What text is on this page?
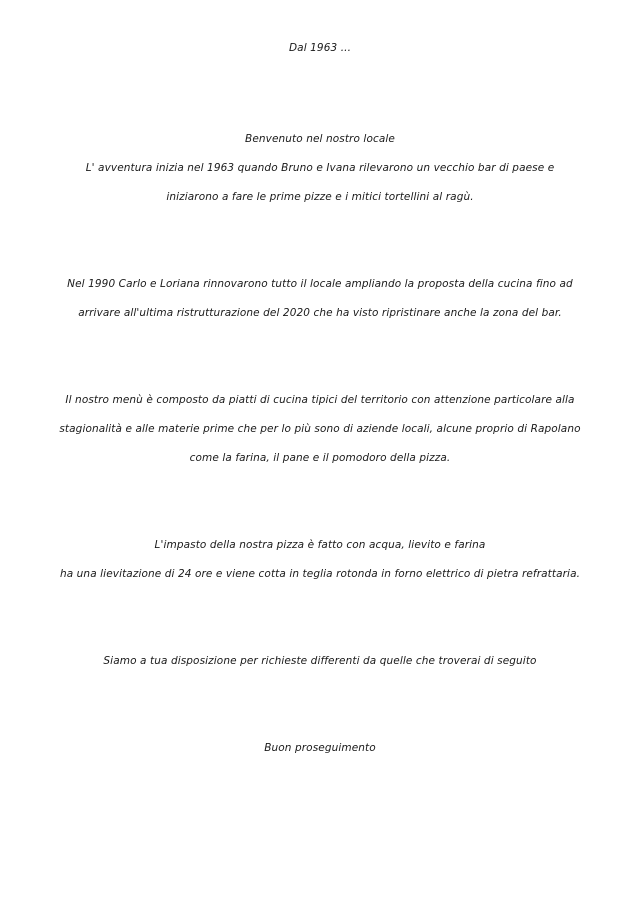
Dal 1963 ...
Benvenuto nel nostro locale
L' avventura inizia nel 1963 quando Bruno e Ivana rilevarono un vecchio bar di paese e
iniziarono a fare le prime pizze e i mitici tortellini al ragù.
Nel 1990 Carlo e Loriana rinnovarono tutto il locale ampliando la proposta della cucina fino ad
arrivare all'ultima ristrutturazione del 2020 che ha visto ripristinare anche la zona del bar.
Il nostro menù è composto da piatti di cucina tipici del territorio con attenzione particolare alla
stagionalità e alle materie prime che per lo più sono di aziende locali, alcune proprio di Rapolano
come la farina, il pane e il pomodoro della pizza.
L'impasto della nostra pizza è fatto con acqua, lievito e farina
ha una lievitazione di 24 ore e viene cotta in teglia rotonda in forno elettrico di pietra refrattaria.
Siamo a tua disposizione per richieste differenti da quelle che troverai di seguito
Buon proseguimento
